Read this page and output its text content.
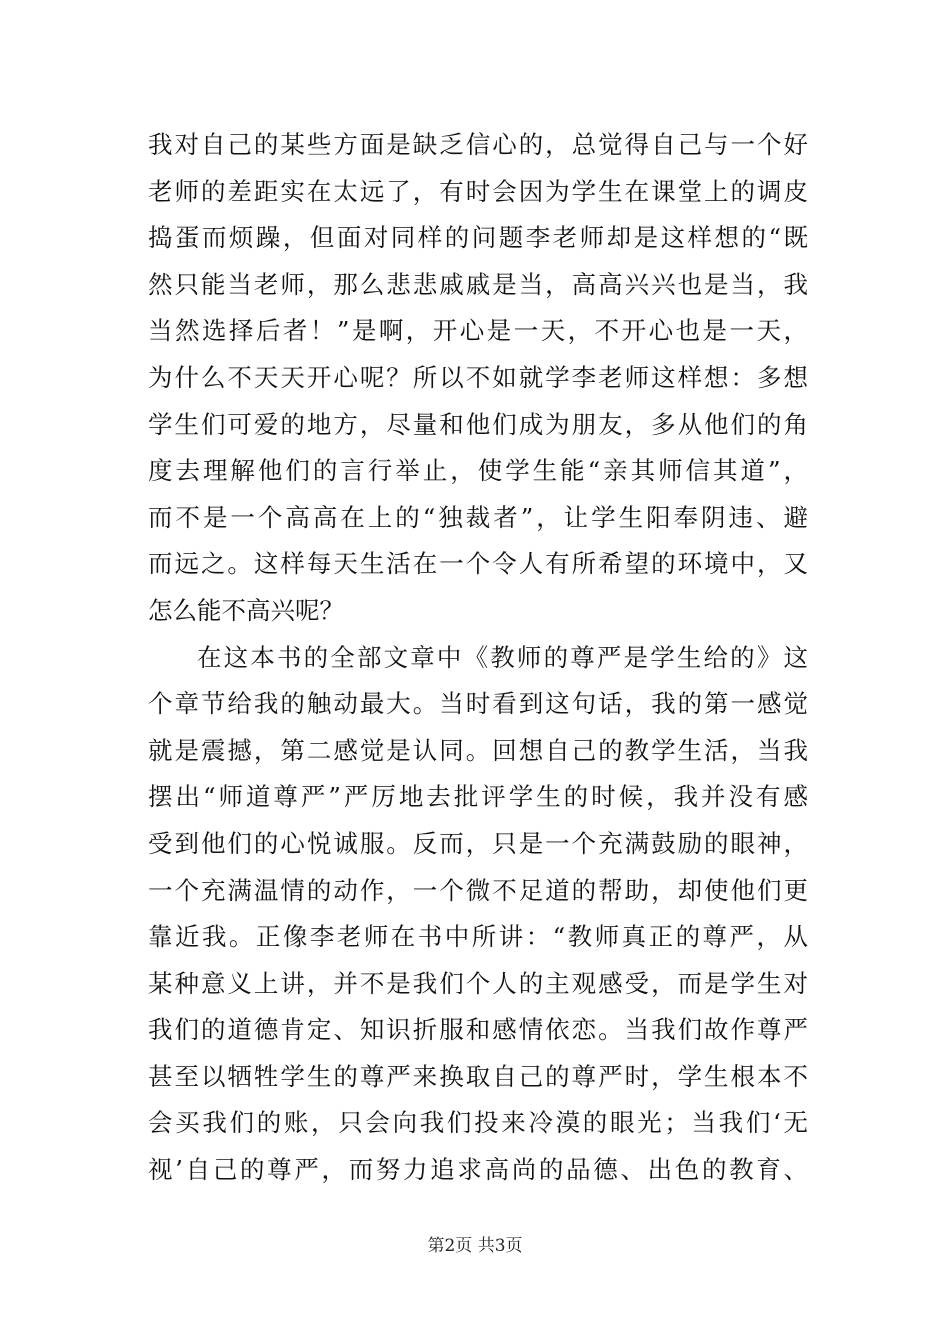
我对自己的某些方面是缺乏信心的，总觉得自己与一个好
老师的差距实在太远了，有时会因为学生在课堂上的调皮
捣蛋而烦躁，但面对同样的问题李老师却是这样想的“既
然只能当老师，那么悲悲戚戚是当，高高兴兴也是当，我
当然选择后者！”是啊，开心是一天，不开心也是一天，
为什么不天天开心呢？所以不如就学李老师这样想：多想
学生们可爱的地方，尽量和他们成为朋友，多从他们的角
度去理解他们的言行举止，使学生能“亲其师信其道”，
而不是一个高高在上的“独裁者”，让学生阳奉阴违、避
而远之。这样每天生活在一个令人有所希望的环境中，又
怎么能不高兴呢？
在这本书的全部文章中《教师的尊严是学生给的》这
个章节给我的触动最大。当时看到这句话，我的第一感觉
就是震撼，第二感觉是认同。回想自己的教学生活，当我
摆出“师道尊严”严厉地去批评学生的时候，我并没有感
受到他们的心悦诚服。反而，只是一个充满鼓励的眼神，
一个充满温情的动作，一个微不足道的帮助，却使他们更
靠近我。正像李老师在书中所讲：“教师真正的尊严，从
某种意义上讲，并不是我们个人的主观感受，而是学生对
我们的道德肯定、知识折服和感情依恋。当我们故作尊严
甚至以牺牲学生的尊严来换取自己的尊严时，学生根本不
会买我们的账，只会向我们投来冷漠的眼光；当我们‘无
视’自己的尊严，而努力追求高尚的品德、出色的教育、
第2页 共3页
